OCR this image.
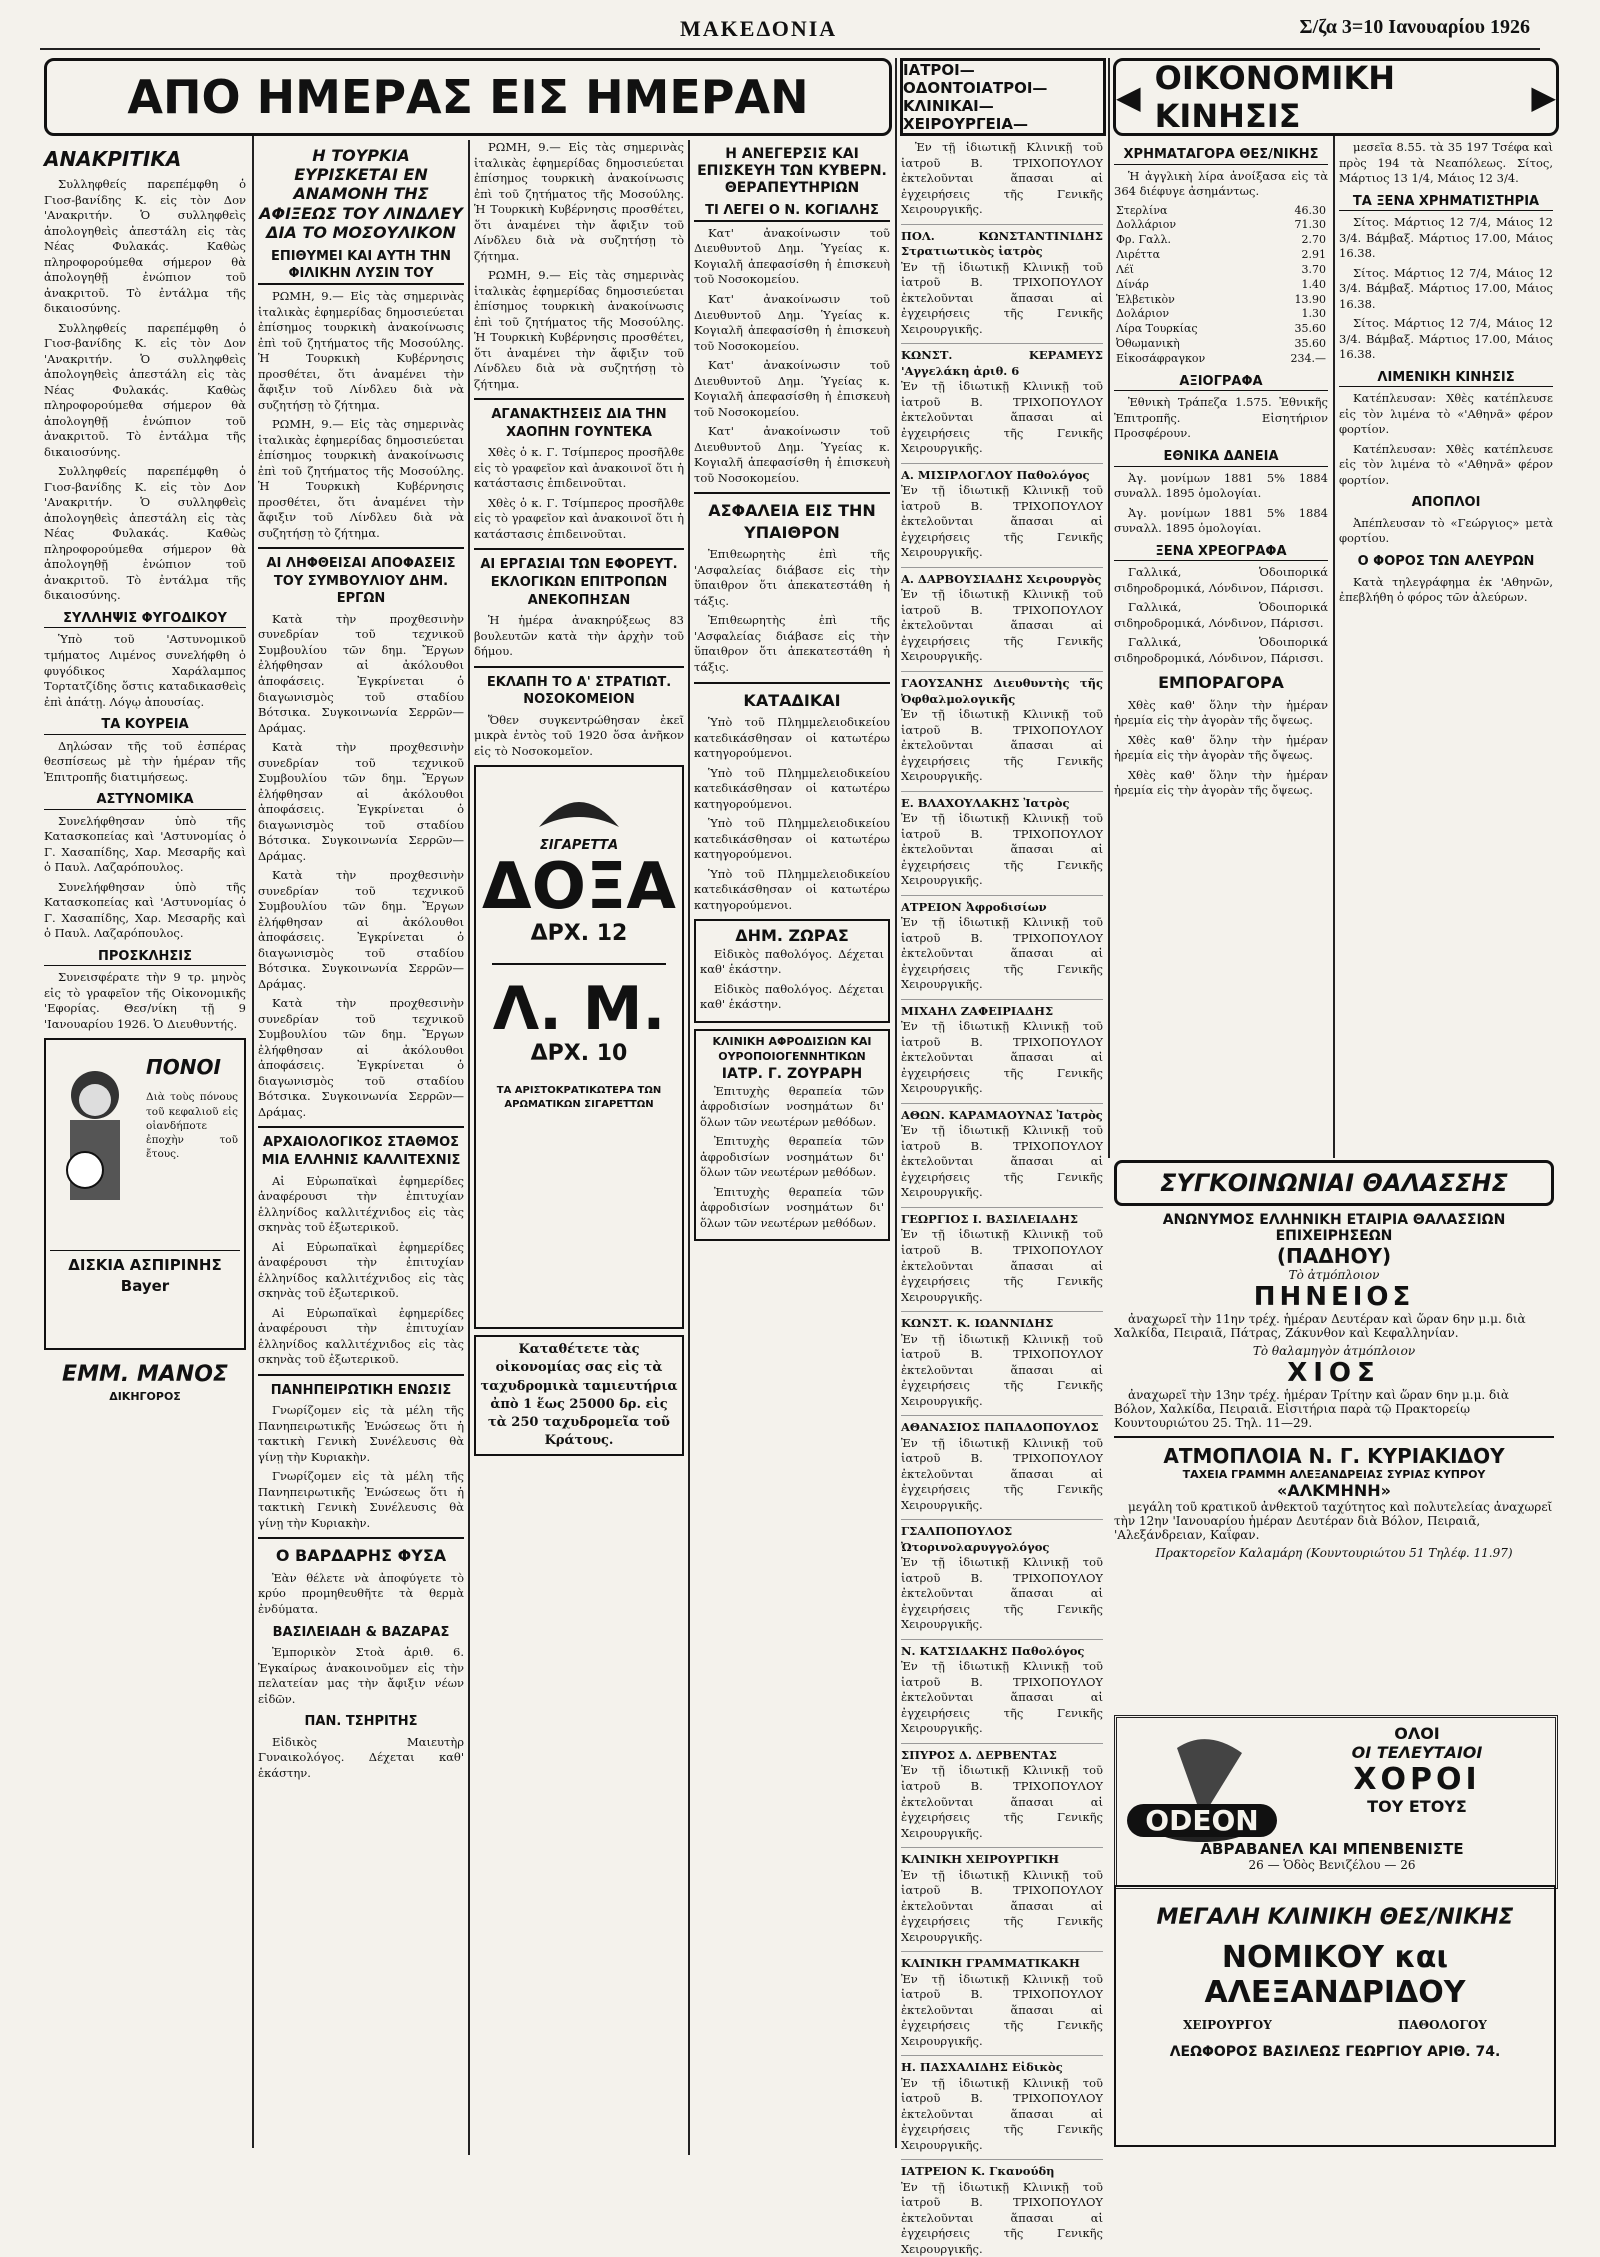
ΜΑΚΕΔΟΝΙΑ	Σ/ζα 3=10 Ιανουαρίου 1926
ΑΠΟ ΗΜΕΡΑΣ ΕΙΣ ΗΜΕΡΑΝ	ΙΑΤΡΟΙ—ΟΔΟΝΤΟΙΑΤΡΟΙ—
ΚΛΙΝΙΚΑΙ—ΧΕΙΡΟΥΡΓΕΙΑ—
◀ ΟΙΚΟΝΟΜΙΚΗ ΚΙΝΗΣΙΣ	▶
ΑΝΑΚΡΙΤΙΚΑ

Συλληφθείς παρεπέμφθη ὁ Γιοσ-βανίδης Κ. εἰς τὸν Δον 'Ανακριτήν. Ὁ συλληφθεὶς ἀπολογηθεὶς ἀπεστάλη εἰς τὰς Νέας Φυλακάς. Καθὼς πληροφορούμεθα σήμερον θὰ ἀπολογηθῇ ἐνώπιον τοῦ ἀνακριτοῦ. Τὸ ἐντάλμα τῆς δικαιοσύνης.

Συλληφθείς παρεπέμφθη ὁ Γιοσ-βανίδης Κ. εἰς τὸν Δον 'Ανακριτήν. Ὁ συλληφθεὶς ἀπολογηθεὶς ἀπεστάλη εἰς τὰς Νέας Φυλακάς. Καθὼς πληροφορούμεθα σήμερον θὰ ἀπολογηθῇ ἐνώπιον τοῦ ἀνακριτοῦ. Τὸ ἐντάλμα τῆς δικαιοσύνης.

Συλληφθείς παρεπέμφθη ὁ Γιοσ-βανίδης Κ. εἰς τὸν Δον 'Ανακριτήν. Ὁ συλληφθεὶς ἀπολογηθεὶς ἀπεστάλη εἰς τὰς Νέας Φυλακάς. Καθὼς πληροφορούμεθα σήμερον θὰ ἀπολογηθῇ ἐνώπιον τοῦ ἀνακριτοῦ. Τὸ ἐντάλμα τῆς δικαιοσύνης.

ΣΥΛΛΗΨΙΣ ΦΥΓΟΔΙΚΟΥ

Ὑπὸ τοῦ 'Αστυνομικοῦ τμήματος Λιμένος συνελήφθη ὁ φυγόδικος Χαράλαμπος Τορτατζίδης ὅστις καταδικασθεὶς ἐπὶ ἀπάτῃ. Λόγῳ ἀπουσίας.

ΤΑ ΚΟΥΡΕΙΑ

Δηλώσαν τῆς τοῦ ἐσπέρας θεσπίσεως μὲ τὴν ἡμέραν τῆς Ἐπιτροπῆς διατιμήσεως.

ΑΣΤΥΝΟΜΙΚΑ

Συνελήφθησαν ὑπὸ τῆς Κατασκοπείας καὶ 'Αστυνομίας ὁ Γ. Χασαπίδης, Χαρ. Μεσαρῆς καὶ ὁ Παυλ. Λαζαρόπουλος.

Συνελήφθησαν ὑπὸ τῆς Κατασκοπείας καὶ 'Αστυνομίας ὁ Γ. Χασαπίδης, Χαρ. Μεσαρῆς καὶ ὁ Παυλ. Λαζαρόπουλος.

ΠΡΟΣΚΛΗΣΙΣ

Συνεισφέρατε τὴν 9 τρ. μηνὸς εἰς τὸ γραφεῖον τῆς Οἰκονομικῆς 'Εφορίας. Θεσ/νίκη τῇ 9 'Ιανουαρίου 1926. Ὁ Διευθυντής.

ΠΟΝΟΙ
Διὰ τοὺς πόνους τοῦ κεφαλιοῦ εἰς οἱανδήποτε ἐποχὴν τοῦ ἔτους.
ΔΙΣΚΙΑ ΑΣΠΙΡΙΝΗΣ Bayer
ΕΜΜ. ΜΑΝΟΣ
ΔΙΚΗΓΟΡΟΣ
Η ΤΟΥΡΚΙΑ ΕΥΡΙΣΚΕΤΑΙ ΕΝ ΑΝΑΜΟΝΗ ΤΗΣ ΑΦΙΞΕΩΣ ΤΟΥ ΛΙΝΔΛΕΥ ΔΙΑ ΤΟ ΜΟΣΟΥΛΙΚΟΝ
ΕΠΙΘΥΜΕΙ ΚΑΙ ΑΥΤΗ ΤΗΝ ΦΙΛΙΚΗΝ ΛΥΣΙΝ ΤΟΥ

ΡΩΜΗ, 9.— Εἰς τὰς σημερινὰς ἰταλικὰς ἐφημερίδας δημοσιεύεται ἐπίσημος τουρκικὴ ἀνακοίνωσις ἐπὶ τοῦ ζητήματος τῆς Μοσούλης. Ἡ Τουρκικὴ Κυβέρνησις προσθέτει, ὅτι ἀναμένει τὴν ἄφιξιν τοῦ Λίνδλευ διὰ νὰ συζητήσῃ τὸ ζήτημα.

ΡΩΜΗ, 9.— Εἰς τὰς σημερινὰς ἰταλικὰς ἐφημερίδας δημοσιεύεται ἐπίσημος τουρκικὴ ἀνακοίνωσις ἐπὶ τοῦ ζητήματος τῆς Μοσούλης. Ἡ Τουρκικὴ Κυβέρνησις προσθέτει, ὅτι ἀναμένει τὴν ἄφιξιν τοῦ Λίνδλευ διὰ νὰ συζητήσῃ τὸ ζήτημα.

ΑΙ ΛΗΦΘΕΙΣΑΙ ΑΠΟΦΑΣΕΙΣ ΤΟΥ ΣΥΜΒΟΥΛΙΟΥ ΔΗΜ. ΕΡΓΩΝ

Κατὰ τὴν προχθεσινὴν συνεδρίαν τοῦ τεχνικοῦ Συμβουλίου τῶν δημ. Ἔργων ἐλήφθησαν αἱ ἀκόλουθοι ἀποφάσεις. Ἐγκρίνεται ὁ διαγωνισμὸς τοῦ σταδίου Βότσικα. Συγκοινωνία Σερρῶν—Δράμας.

Κατὰ τὴν προχθεσινὴν συνεδρίαν τοῦ τεχνικοῦ Συμβουλίου τῶν δημ. Ἔργων ἐλήφθησαν αἱ ἀκόλουθοι ἀποφάσεις. Ἐγκρίνεται ὁ διαγωνισμὸς τοῦ σταδίου Βότσικα. Συγκοινωνία Σερρῶν—Δράμας.

Κατὰ τὴν προχθεσινὴν συνεδρίαν τοῦ τεχνικοῦ Συμβουλίου τῶν δημ. Ἔργων ἐλήφθησαν αἱ ἀκόλουθοι ἀποφάσεις. Ἐγκρίνεται ὁ διαγωνισμὸς τοῦ σταδίου Βότσικα. Συγκοινωνία Σερρῶν—Δράμας.

Κατὰ τὴν προχθεσινὴν συνεδρίαν τοῦ τεχνικοῦ Συμβουλίου τῶν δημ. Ἔργων ἐλήφθησαν αἱ ἀκόλουθοι ἀποφάσεις. Ἐγκρίνεται ὁ διαγωνισμὸς τοῦ σταδίου Βότσικα. Συγκοινωνία Σερρῶν—Δράμας.

ΑΡΧΑΙΟΛΟΓΙΚΟΣ ΣΤΑΘΜΟΣ ΜΙΑ ΕΛΛΗΝΙΣ ΚΑΛΛΙΤΕΧΝΙΣ

Αἱ Εὐρωπαϊκαὶ ἐφημερίδες ἀναφέρουσι τὴν ἐπιτυχίαν ἑλληνίδος καλλιτέχνιδος εἰς τὰς σκηνὰς τοῦ ἐξωτερικοῦ.

Αἱ Εὐρωπαϊκαὶ ἐφημερίδες ἀναφέρουσι τὴν ἐπιτυχίαν ἑλληνίδος καλλιτέχνιδος εἰς τὰς σκηνὰς τοῦ ἐξωτερικοῦ.

Αἱ Εὐρωπαϊκαὶ ἐφημερίδες ἀναφέρουσι τὴν ἐπιτυχίαν ἑλληνίδος καλλιτέχνιδος εἰς τὰς σκηνὰς τοῦ ἐξωτερικοῦ.

ΠΑΝΗΠΕΙΡΩΤΙΚΗ ΕΝΩΣΙΣ

Γνωρίζομεν εἰς τὰ μέλη τῆς Πανηπειρωτικῆς Ἑνώσεως ὅτι ἡ τακτικὴ Γενικὴ Συνέλευσις θὰ γίνῃ τὴν Κυριακὴν.

Γνωρίζομεν εἰς τὰ μέλη τῆς Πανηπειρωτικῆς Ἑνώσεως ὅτι ἡ τακτικὴ Γενικὴ Συνέλευσις θὰ γίνῃ τὴν Κυριακὴν.

Ο ΒΑΡΔΑΡΗΣ ΦΥΣΑ

Ἐὰν θέλετε νὰ ἀποφύγετε τὸ κρύο προμηθευθῆτε τὰ θερμὰ ἐνδύματα.

ΒΑΣΙΛΕΙΑΔΗ & ΒΑΖΑΡΑΣ

Ἐμπορικὸν Στοὰ ἀριθ. 6. Ἐγκαίρως ἀνακοινοῦμεν εἰς τὴν πελατείαν μας τὴν ἄφιξιν νέων εἰδῶν.

ΠΑΝ. ΤΣΗΡΙΤΗΣ

Εἰδικὸς Μαιευτὴρ Γυναικολόγος. Δέχεται καθ' ἑκάστην.

ΡΩΜΗ, 9.— Εἰς τὰς σημερινὰς ἰταλικὰς ἐφημερίδας δημοσιεύεται ἐπίσημος τουρκικὴ ἀνακοίνωσις ἐπὶ τοῦ ζητήματος τῆς Μοσούλης. Ἡ Τουρκικὴ Κυβέρνησις προσθέτει, ὅτι ἀναμένει τὴν ἄφιξιν τοῦ Λίνδλευ διὰ νὰ συζητήσῃ τὸ ζήτημα.

ΡΩΜΗ, 9.— Εἰς τὰς σημερινὰς ἰταλικὰς ἐφημερίδας δημοσιεύεται ἐπίσημος τουρκικὴ ἀνακοίνωσις ἐπὶ τοῦ ζητήματος τῆς Μοσούλης. Ἡ Τουρκικὴ Κυβέρνησις προσθέτει, ὅτι ἀναμένει τὴν ἄφιξιν τοῦ Λίνδλευ διὰ νὰ συζητήσῃ τὸ ζήτημα.

ΑΓΑΝΑΚΤΗΣΕΙΣ ΔΙΑ ΤΗΝ ΧΑΟΠΗΝ ΓΟΥΝΤΕΚΑ

Χθὲς ὁ κ. Γ. Τσίμπερος προσῆλθε εἰς τὸ γραφεῖον καὶ ἀνακοινοῖ ὅτι ἡ κατάστασις ἐπιδεινοῦται.

Χθὲς ὁ κ. Γ. Τσίμπερος προσῆλθε εἰς τὸ γραφεῖον καὶ ἀνακοινοῖ ὅτι ἡ κατάστασις ἐπιδεινοῦται.

ΑΙ ΕΡΓΑΣΙΑΙ ΤΩΝ ΕΦΟΡΕΥΤ. ΕΚΛΟΓΙΚΩΝ ΕΠΙΤΡΟΠΩΝ ΑΝΕΚΟΠΗΣΑΝ

Ἡ ἡμέρα ἀνακηρύξεως 83 βουλευτῶν κατὰ τὴν ἀρχὴν τοῦ δήμου.

ΕΚΛΑΠΗ ΤΟ Α' ΣΤΡΑΤΙΩΤ. ΝΟΣΟΚΟΜΕΙΟΝ

Ὅθεν συγκεντρώθησαν ἐκεῖ μικρὰ ἐντὸς τοῦ 1920 ὅσα ἀνῆκον εἰς τὸ Νοσοκομεῖον.

ΣΙΓΑΡΕΤΤΑ
ΔΟΞΑ
ΔΡΧ. 12
Λ. Μ.
ΔΡΧ. 10
ΤΑ ΑΡΙΣΤΟΚΡΑΤΙΚΩΤΕΡΑ ΤΩΝ ΑΡΩΜΑΤΙΚΩΝ ΣΙΓΑΡΕΤΤΩΝ
Καταθέτετε τὰς οἰκονομίας σας εἰς τὰ ταχυδρομικὰ ταμιευτήρια ἀπὸ 1 ἕως 25000 δρ. εἰς τὰ 250 ταχυδρομεῖα τοῦ Κράτους.
Η ΑΝΕΓΕΡΣΙΣ ΚΑΙ ΕΠΙΣΚΕΥΗ ΤΩΝ ΚΥΒΕΡΝ. ΘΕΡΑΠΕΥΤΗΡΙΩΝ
ΤΙ ΛΕΓΕΙ Ο Ν. ΚΟΓΙΑΛΗΣ

Κατ' ἀνακοίνωσιν τοῦ Διευθυντοῦ Δημ. Ὑγείας κ. Κογιαλῆ ἀπεφασίσθη ἡ ἐπισκευὴ τοῦ Νοσοκομείου.

Κατ' ἀνακοίνωσιν τοῦ Διευθυντοῦ Δημ. Ὑγείας κ. Κογιαλῆ ἀπεφασίσθη ἡ ἐπισκευὴ τοῦ Νοσοκομείου.

Κατ' ἀνακοίνωσιν τοῦ Διευθυντοῦ Δημ. Ὑγείας κ. Κογιαλῆ ἀπεφασίσθη ἡ ἐπισκευὴ τοῦ Νοσοκομείου.

Κατ' ἀνακοίνωσιν τοῦ Διευθυντοῦ Δημ. Ὑγείας κ. Κογιαλῆ ἀπεφασίσθη ἡ ἐπισκευὴ τοῦ Νοσοκομείου.

ΑΣΦΑΛΕΙΑ ΕΙΣ ΤΗΝ ΥΠΑΙΘΡΟΝ

Ἐπιθεωρητὴς ἐπὶ τῆς 'Ασφαλείας διάβασε εἰς τὴν ὕπαιθρον ὅτι ἀπεκατεστάθη ἡ τάξις.

Ἐπιθεωρητὴς ἐπὶ τῆς 'Ασφαλείας διάβασε εἰς τὴν ὕπαιθρον ὅτι ἀπεκατεστάθη ἡ τάξις.

ΚΑΤΑΔΙΚΑΙ

Ὑπὸ τοῦ Πλημμελειοδικείου κατεδικάσθησαν οἱ κατωτέρω κατηγορούμενοι.

Ὑπὸ τοῦ Πλημμελειοδικείου κατεδικάσθησαν οἱ κατωτέρω κατηγορούμενοι.

Ὑπὸ τοῦ Πλημμελειοδικείου κατεδικάσθησαν οἱ κατωτέρω κατηγορούμενοι.

Ὑπὸ τοῦ Πλημμελειοδικείου κατεδικάσθησαν οἱ κατωτέρω κατηγορούμενοι.

ΔΗΜ. ΖΩΡΑΣ

Εἰδικὸς παθολόγος. Δέχεται καθ' ἑκάστην.

Εἰδικὸς παθολόγος. Δέχεται καθ' ἑκάστην.

ΚΛΙΝΙΚΗ ΑΦΡΟΔΙΣΙΩΝ ΚΑΙ ΟΥΡΟΠΟΙΟΓΕΝΝΗΤΙΚΩΝ
ΙΑΤΡ. Γ. ΖΟΥΡΑΡΗ

Ἐπιτυχὴς θεραπεία τῶν ἀφροδισίων νοσημάτων δι' ὅλων τῶν νεωτέρων μεθόδων.

Ἐπιτυχὴς θεραπεία τῶν ἀφροδισίων νοσημάτων δι' ὅλων τῶν νεωτέρων μεθόδων.

Ἐπιτυχὴς θεραπεία τῶν ἀφροδισίων νοσημάτων δι' ὅλων τῶν νεωτέρων μεθόδων.

Ἐν τῇ ἰδιωτικῇ Κλινικῇ τοῦ ἰατροῦ Β. ΤΡΙΧΟΠΟΥΛΟΥ ἐκτελοῦνται ἅπασαι αἱ ἐγχειρήσεις τῆς Γενικῆς Χειρουργικῆς.

ΠΟΛ. ΚΩΝΣΤΑΝΤΙΝΙΔΗΣ Στρατιωτικὸς ἰατρὸς
Ἐν τῇ ἰδιωτικῇ Κλινικῇ τοῦ ἰατροῦ Β. ΤΡΙΧΟΠΟΥΛΟΥ ἐκτελοῦνται ἅπασαι αἱ ἐγχειρήσεις τῆς Γενικῆς Χειρουργικῆς.
ΚΩΝΣΤ. ΚΕΡΑΜΕΥΣ 'Αγγελάκη ἀριθ. 6
Ἐν τῇ ἰδιωτικῇ Κλινικῇ τοῦ ἰατροῦ Β. ΤΡΙΧΟΠΟΥΛΟΥ ἐκτελοῦνται ἅπασαι αἱ ἐγχειρήσεις τῆς Γενικῆς Χειρουργικῆς.
Α. ΜΙΣΙΡΛΟΓΛΟΥ Παθολόγος
Ἐν τῇ ἰδιωτικῇ Κλινικῇ τοῦ ἰατροῦ Β. ΤΡΙΧΟΠΟΥΛΟΥ ἐκτελοῦνται ἅπασαι αἱ ἐγχειρήσεις τῆς Γενικῆς Χειρουργικῆς.
Α. ΔΑΡΒΟΥΣΙΑΔΗΣ Χειρουργὸς
Ἐν τῇ ἰδιωτικῇ Κλινικῇ τοῦ ἰατροῦ Β. ΤΡΙΧΟΠΟΥΛΟΥ ἐκτελοῦνται ἅπασαι αἱ ἐγχειρήσεις τῆς Γενικῆς Χειρουργικῆς.
ΓΑΟΥΣΑΝΗΣ Διευθυντὴς τῆς Ὀφθαλμολογικῆς
Ἐν τῇ ἰδιωτικῇ Κλινικῇ τοῦ ἰατροῦ Β. ΤΡΙΧΟΠΟΥΛΟΥ ἐκτελοῦνται ἅπασαι αἱ ἐγχειρήσεις τῆς Γενικῆς Χειρουργικῆς.
Ε. ΒΛΑΧΟΥΛΑΚΗΣ Ἰατρὸς
Ἐν τῇ ἰδιωτικῇ Κλινικῇ τοῦ ἰατροῦ Β. ΤΡΙΧΟΠΟΥΛΟΥ ἐκτελοῦνται ἅπασαι αἱ ἐγχειρήσεις τῆς Γενικῆς Χειρουργικῆς.
ΑΤΡΕΙΟΝ Ἀφροδισίων
Ἐν τῇ ἰδιωτικῇ Κλινικῇ τοῦ ἰατροῦ Β. ΤΡΙΧΟΠΟΥΛΟΥ ἐκτελοῦνται ἅπασαι αἱ ἐγχειρήσεις τῆς Γενικῆς Χειρουργικῆς.
ΜΙΧΑΗΛ ΖΑΦΕΙΡΙΑΔΗΣ
Ἐν τῇ ἰδιωτικῇ Κλινικῇ τοῦ ἰατροῦ Β. ΤΡΙΧΟΠΟΥΛΟΥ ἐκτελοῦνται ἅπασαι αἱ ἐγχειρήσεις τῆς Γενικῆς Χειρουργικῆς.
ΑΘΩΝ. ΚΑΡΑΜΑΟΥΝΑΣ Ἰατρὸς
Ἐν τῇ ἰδιωτικῇ Κλινικῇ τοῦ ἰατροῦ Β. ΤΡΙΧΟΠΟΥΛΟΥ ἐκτελοῦνται ἅπασαι αἱ ἐγχειρήσεις τῆς Γενικῆς Χειρουργικῆς.
ΓΕΩΡΓΙΟΣ Ι. ΒΑΣΙΛΕΙΑΔΗΣ
Ἐν τῇ ἰδιωτικῇ Κλινικῇ τοῦ ἰατροῦ Β. ΤΡΙΧΟΠΟΥΛΟΥ ἐκτελοῦνται ἅπασαι αἱ ἐγχειρήσεις τῆς Γενικῆς Χειρουργικῆς.
ΚΩΝΣΤ. Κ. ΙΩΑΝΝΙΔΗΣ
Ἐν τῇ ἰδιωτικῇ Κλινικῇ τοῦ ἰατροῦ Β. ΤΡΙΧΟΠΟΥΛΟΥ ἐκτελοῦνται ἅπασαι αἱ ἐγχειρήσεις τῆς Γενικῆς Χειρουργικῆς.
ΑΘΑΝΑΣΙΟΣ ΠΑΠΑΔΟΠΟΥΛΟΣ
Ἐν τῇ ἰδιωτικῇ Κλινικῇ τοῦ ἰατροῦ Β. ΤΡΙΧΟΠΟΥΛΟΥ ἐκτελοῦνται ἅπασαι αἱ ἐγχειρήσεις τῆς Γενικῆς Χειρουργικῆς.
ΓΣΑΛΠΟΠΟΥΛΟΣ Ὠτορινολαρυγγολόγος
Ἐν τῇ ἰδιωτικῇ Κλινικῇ τοῦ ἰατροῦ Β. ΤΡΙΧΟΠΟΥΛΟΥ ἐκτελοῦνται ἅπασαι αἱ ἐγχειρήσεις τῆς Γενικῆς Χειρουργικῆς.
Ν. ΚΑΤΣΙΔΑΚΗΣ Παθολόγος
Ἐν τῇ ἰδιωτικῇ Κλινικῇ τοῦ ἰατροῦ Β. ΤΡΙΧΟΠΟΥΛΟΥ ἐκτελοῦνται ἅπασαι αἱ ἐγχειρήσεις τῆς Γενικῆς Χειρουργικῆς.
ΣΠΥΡΟΣ Δ. ΔΕΡΒΕΝΤΑΣ
Ἐν τῇ ἰδιωτικῇ Κλινικῇ τοῦ ἰατροῦ Β. ΤΡΙΧΟΠΟΥΛΟΥ ἐκτελοῦνται ἅπασαι αἱ ἐγχειρήσεις τῆς Γενικῆς Χειρουργικῆς.
ΚΛΙΝΙΚΗ ΧΕΙΡΟΥΡΓΙΚΗ
Ἐν τῇ ἰδιωτικῇ Κλινικῇ τοῦ ἰατροῦ Β. ΤΡΙΧΟΠΟΥΛΟΥ ἐκτελοῦνται ἅπασαι αἱ ἐγχειρήσεις τῆς Γενικῆς Χειρουργικῆς.
ΚΛΙΝΙΚΗ ΓΡΑΜΜΑΤΙΚΑΚΗ
Ἐν τῇ ἰδιωτικῇ Κλινικῇ τοῦ ἰατροῦ Β. ΤΡΙΧΟΠΟΥΛΟΥ ἐκτελοῦνται ἅπασαι αἱ ἐγχειρήσεις τῆς Γενικῆς Χειρουργικῆς.
Η. ΠΑΣΧΑΛΙΔΗΣ Εἰδικὸς
Ἐν τῇ ἰδιωτικῇ Κλινικῇ τοῦ ἰατροῦ Β. ΤΡΙΧΟΠΟΥΛΟΥ ἐκτελοῦνται ἅπασαι αἱ ἐγχειρήσεις τῆς Γενικῆς Χειρουργικῆς.
ΙΑΤΡΕΙΟΝ Κ. Γκανούδη
Ἐν τῇ ἰδιωτικῇ Κλινικῇ τοῦ ἰατροῦ Β. ΤΡΙΧΟΠΟΥΛΟΥ ἐκτελοῦνται ἅπασαι αἱ ἐγχειρήσεις τῆς Γενικῆς Χειρουργικῆς.
ΧΡΗΜΑΤΑΓΟΡΑ ΘΕΣ/ΝΙΚΗΣ

Ἡ ἀγγλικὴ λίρα ἀνοίξασα εἰς τὰ 364 διέφυγε ἀσημάντως.

Στερλίνα	46.30
Δολλάριον	71.30
Φρ. Γαλλ.	2.70
Λιρέττα	2.91
Λέϊ	3.70
Δίνάρ	1.40
Ἑλβετικὸν	13.90
Δολάριον	1.30
Λίρα Τουρκίας	35.60
Ὀθωμανικὴ	35.60
Εἰκοσάφραγκον	234.—
ΑΞΙΟΓΡΑΦΑ

Ἐθνικὴ Τράπεζα 1.575. Ἐθνικῆς Ἐπιτροπῆς. Εἰσητήριον Προσφέρουν.

ΕΘΝΙΚΑ ΔΑΝΕΙΑ

Ἀγ. μονίμων 1881 5% 1884 συναλλ. 1895 ὁμολογίαι.

Ἀγ. μονίμων 1881 5% 1884 συναλλ. 1895 ὁμολογίαι.

ΞΕΝΑ ΧΡΕΟΓΡΑΦΑ

Γαλλικά, Ὁδοιπορικά σιδηροδρομικά, Λόνδινον, Πάρισσι.

Γαλλικά, Ὁδοιπορικά σιδηροδρομικά, Λόνδινον, Πάρισσι.

Γαλλικά, Ὁδοιπορικά σιδηροδρομικά, Λόνδινον, Πάρισσι.

ΕΜΠΟΡΑΓΟΡΑ

Χθὲς καθ' ὅλην τὴν ἡμέραν ἠρεμία εἰς τὴν ἀγορὰν τῆς ὄψεως.

Χθὲς καθ' ὅλην τὴν ἡμέραν ἠρεμία εἰς τὴν ἀγορὰν τῆς ὄψεως.

Χθὲς καθ' ὅλην τὴν ἡμέραν ἠρεμία εἰς τὴν ἀγορὰν τῆς ὄψεως.

μεσεῖα 8.55. τὰ 35 197 Τσέφα καὶ πρὸς 194 τὰ Νεαπόλεως. Σίτος, Μάρτιος 13 1/4, Μάιος 12 3/4.

ΤΑ ΞΕΝΑ ΧΡΗΜΑΤΙΣΤΗΡΙΑ

Σίτος. Μάρτιος 12 7/4, Μάιος 12 3/4. Βάμβαξ. Μάρτιος 17.00, Μάιος 16.38.

Σίτος. Μάρτιος 12 7/4, Μάιος 12 3/4. Βάμβαξ. Μάρτιος 17.00, Μάιος 16.38.

Σίτος. Μάρτιος 12 7/4, Μάιος 12 3/4. Βάμβαξ. Μάρτιος 17.00, Μάιος 16.38.

ΛΙΜΕΝΙΚΗ ΚΙΝΗΣΙΣ

Κατέπλευσαν: Χθὲς κατέπλευσε εἰς τὸν λιμένα τὸ «'Αθηνᾶ» φέρον φορτίον.

Κατέπλευσαν: Χθὲς κατέπλευσε εἰς τὸν λιμένα τὸ «'Αθηνᾶ» φέρον φορτίον.

ΑΠΟΠΛΟΙ

Ἀπέπλευσαν τὸ «Γεώργιος» μετὰ φορτίου.

Ο ΦΟΡΟΣ ΤΩΝ ΑΛΕΥΡΩΝ

Κατὰ τηλεγράφημα ἐκ 'Αθηνῶν, ἐπεβλήθη ὁ φόρος τῶν ἀλεύρων.

ΣΥΓΚΟΙΝΩΝΙΑΙ ΘΑΛΑΣΣΗΣ
ΑΝΩΝΥΜΟΣ ΕΛΛΗΝΙΚΗ ΕΤΑΙΡΙΑ ΘΑΛΑΣΣΙΩΝ ΕΠΙΧΕΙΡΗΣΕΩΝ
(ΠΑΔΗΟΥ)
Τὸ ἀτμόπλοιον
ΠΗΝΕΙΟΣ

ἀναχωρεῖ τὴν 11ην τρέχ. ἡμέραν Δευτέραν καὶ ὥραν 6ην μ.μ. διὰ Χαλκίδα, Πειραιᾶ, Πάτρας, Ζάκυνθον καὶ Κεφαλληνίαν.

Τὸ θαλαμηγὸν ἀτμόπλοιον
ΧΙΟΣ

ἀναχωρεῖ τὴν 13ην τρέχ. ἡμέραν Τρίτην καὶ ὥραν 6ην μ.μ. διὰ Βόλον, Χαλκίδα, Πειραιᾶ. Εἰσιτήρια παρὰ τῷ Πρακτορείῳ Κουντουριώτου 25. Τηλ. 11—29.

ΑΤΜΟΠΛΟΙΑ Ν. Γ. ΚΥΡΙΑΚΙΔΟΥ
ΤΑΧΕΙΑ ΓΡΑΜΜΗ ΑΛΕΞΑΝΔΡΕΙΑΣ ΣΥΡΙΑΣ ΚΥΠΡΟΥ
«ΑΛΚΜΗΝΗ»

μεγάλη τοῦ κρατικοῦ ἀνθεκτοῦ ταχύτητος καὶ πολυτελείας ἀναχωρεῖ τὴν 12ην 'Ιανουαρίου ἡμέραν Δευτέραν διὰ Βόλον, Πειραιᾶ, 'Αλεξάνδρειαν, Καΐφαν.

Πρακτορεῖον Καλαμάρη (Κουντουριώτου 51 Τηλέφ. 11.97)
ΟΛΟΙ
ΟΙ ΤΕΛΕΥΤΑΙΟΙ
ΧΟΡΟΙ
ΤΟΥ ΕΤΟΥΣ
ODEON
ΑΒΡΑΒΑΝΕΛ ΚΑΙ ΜΠΕΝΒΕΝΙΣΤΕ
26 — Ὁδὸς Βενιζέλου — 26
ΜΕΓΑΛΗ ΚΛΙΝΙΚΗ ΘΕΣ/ΝΙΚΗΣ
ΝΟΜΙΚΟΥ και ΑΛΕΞΑΝΔΡΙΔΟΥ
ΧΕΙΡΟΥΡΓΟΥ	ΠΑΘΟΛΟΓΟΥ
ΛΕΩΦΟΡΟΣ ΒΑΣΙΛΕΩΣ ΓΕΩΡΓΙΟΥ ΑΡΙΘ. 74.
